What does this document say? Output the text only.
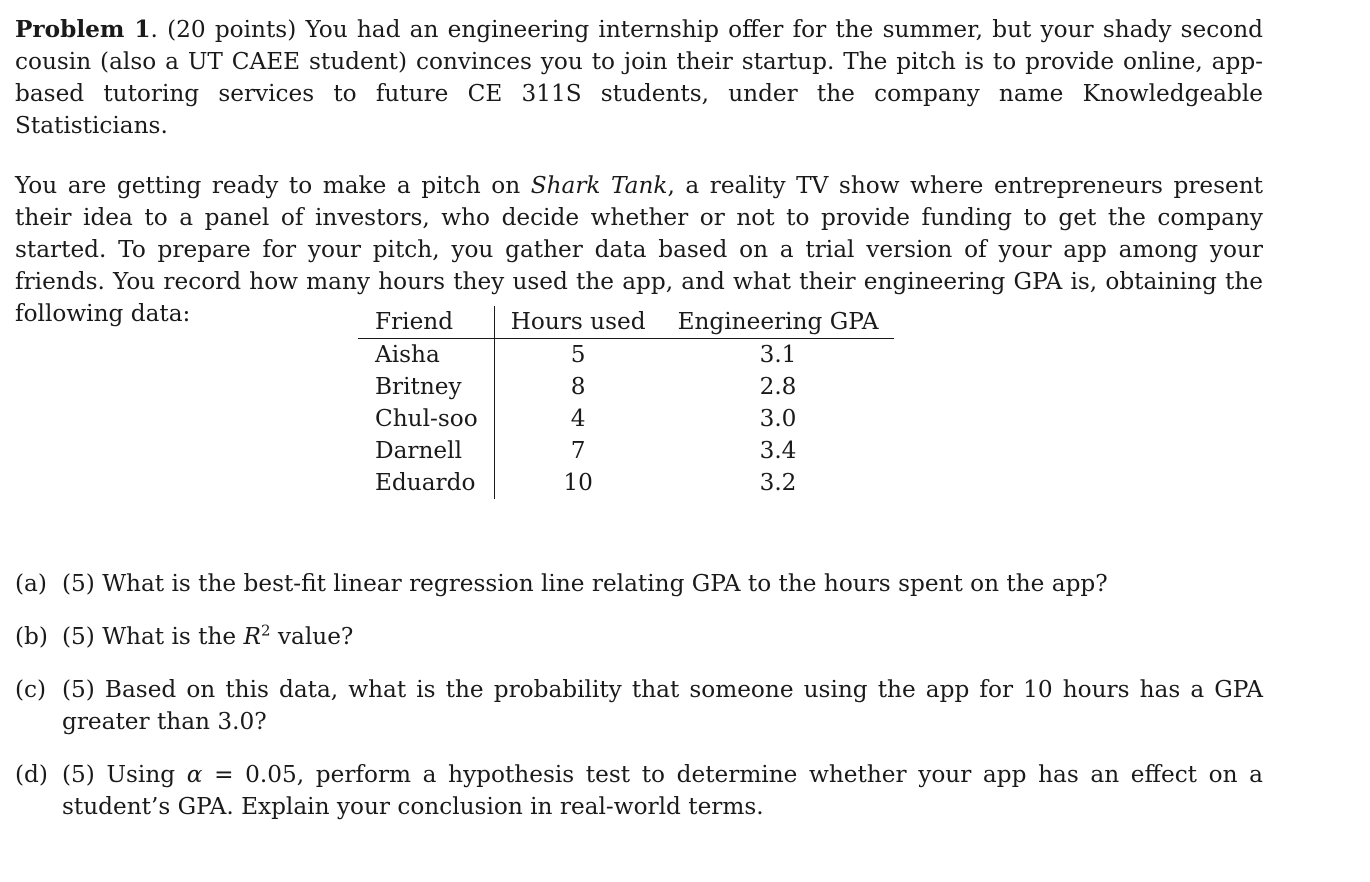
Problem 1. (20 points) You had an engineering internship offer for the summer, but your shady second cousin (also a UT CAEE student) convinces you to join their startup. The pitch is to provide online, app-based tutoring services to future CE 311S students, under the company name Knowledgeable Statisticians.

You are getting ready to make a pitch on Shark Tank, a reality TV show where entrepreneurs present their idea to a panel of investors, who decide whether or not to provide funding to get the company started. To prepare for your pitch, you gather data based on a trial version of your app among your friends. You record how many hours they used the app, and what their engineering GPA is, obtaining the following data:	Friend	Hours used	Engineering GPA
Aisha	5	3.1
Britney	8	2.8
Chul-soo	4	3.0
Darnell	7	3.4
Eduardo	10	3.2
(a) (5) What is the best-fit linear regression line relating GPA to the hours spent on the app?
(b) (5) What is the $R^2$ value?
(c) (5) Based on this data, what is the probability that someone using the app for 10 hours has a GPA greater than 3.0?
(d) (5) Using α = 0.05, perform a hypothesis test to determine whether your app has an effect on a student’s GPA. Explain your conclusion in real-world terms.
